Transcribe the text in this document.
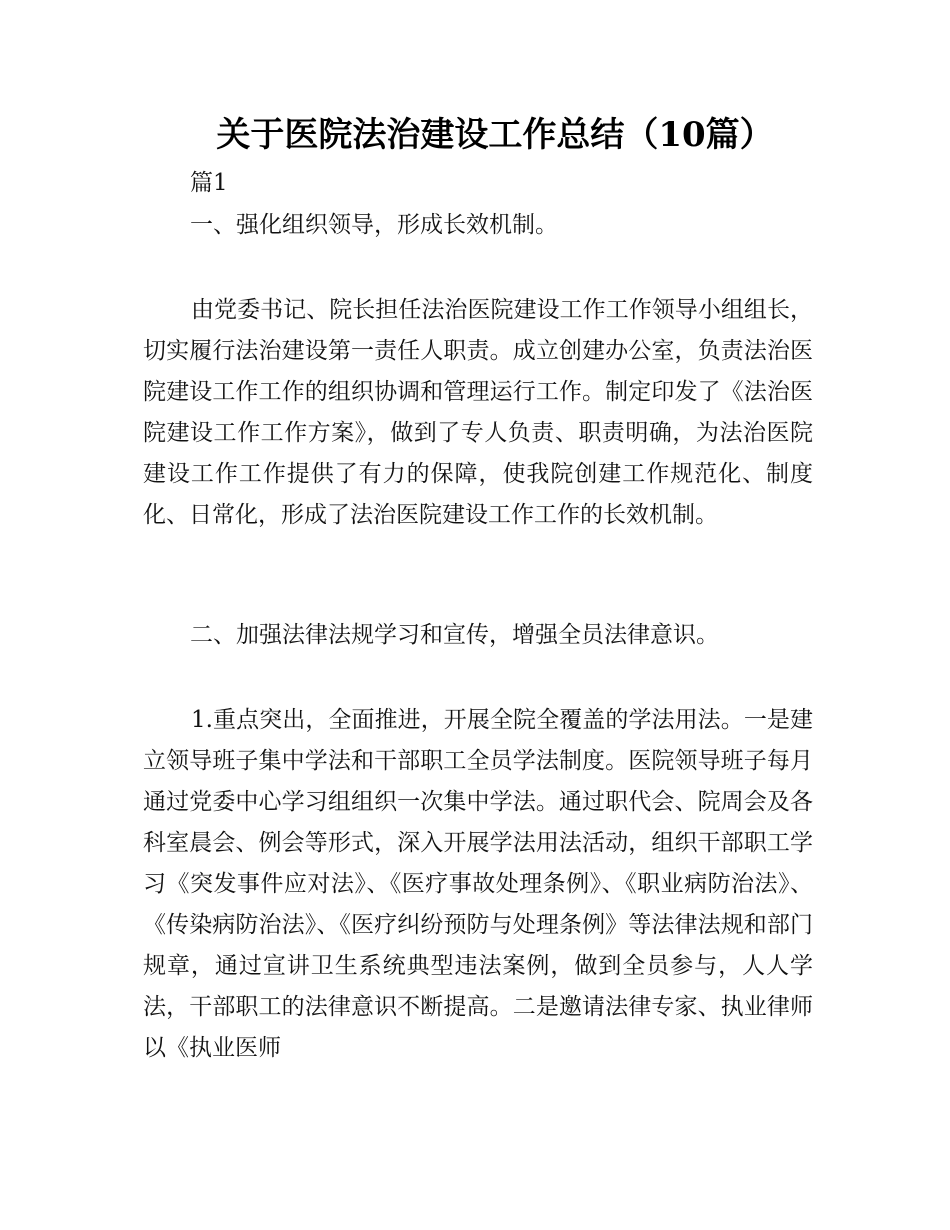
关于医院法治建设工作总结（10篇）
篇1
一、强化组织领导，形成长效机制。

由党委书记、院长担任法治医院建设工作工作领导小组组长，切实履行法治建设第一责任人职责。成立创建办公室，负责法治医院建设工作工作的组织协调和管理运行工作。制定印发了《法治医院建设工作工作方案》，做到了专人负责、职责明确，为法治医院建设工作工作提供了有力的保障，使我院创建工作规范化、制度化、日常化，形成了法治医院建设工作工作的长效机制。

二、加强法律法规学习和宣传，增强全员法律意识。

1.重点突出，全面推进，开展全院全覆盖的学法用法。一是建立领导班子集中学法和干部职工全员学法制度。医院领导班子每月通过党委中心学习组组织一次集中学法。通过职代会、院周会及各科室晨会、例会等形式，深入开展学法用法活动，组织干部职工学习《突发事件应对法》、《医疗事故处理条例》、《职业病防治法》、《传染病防治法》、《医疗纠纷预防与处理条例》等法律法规和部门规章，通过宣讲卫生系统典型违法案例，做到全员参与，人人学法，干部职工的法律意识不断提高。二是邀请法律专家、执业律师以《执业医师
